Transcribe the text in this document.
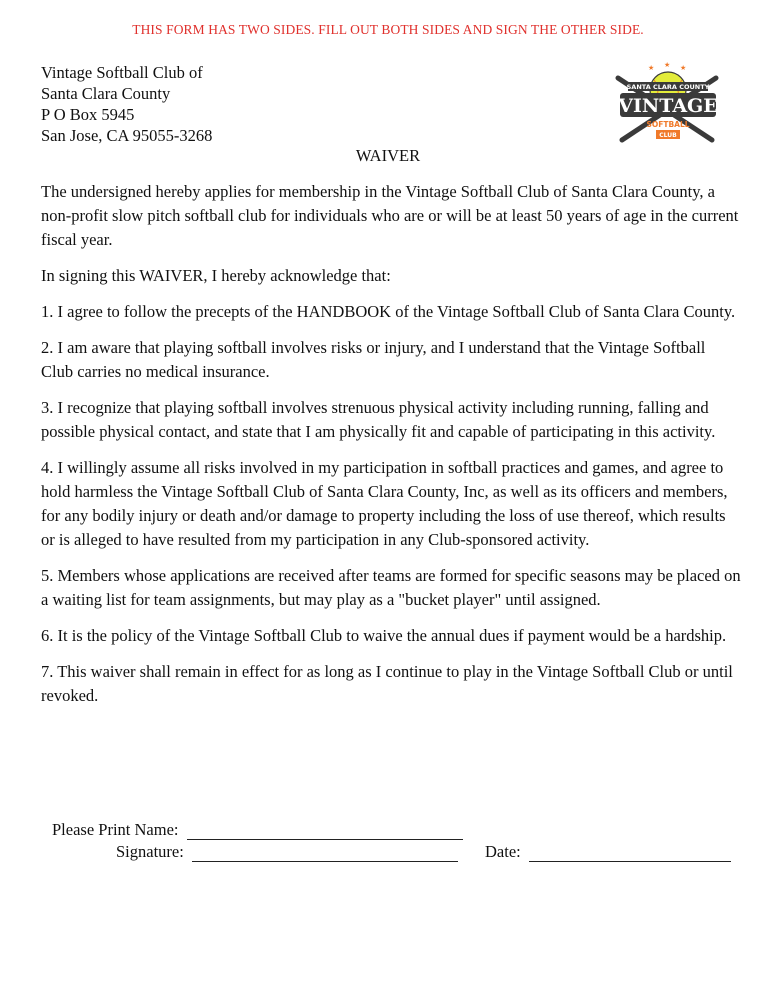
THIS FORM HAS TWO SIDES. FILL OUT BOTH SIDES AND SIGN THE OTHER SIDE.
Vintage Softball Club of
Santa Clara County
P O Box 5945
San Jose, CA 95055-3268
★ ★ ★
SANTA CLARA COUNTY
VINTAGE
SOFTBALL
CLUB
WAIVER

The undersigned hereby applies for membership in the Vintage Softball Club of Santa Clara County, a non-profit slow pitch softball club for individuals who are or will be at least 50 years of age in the current fiscal year.

In signing this WAIVER, I hereby acknowledge that:

1. I agree to follow the precepts of the HANDBOOK of the Vintage Softball Club of Santa Clara County.

2. I am aware that playing softball involves risks or injury, and I understand that the Vintage Softball Club carries no medical insurance.

3. I recognize that playing softball involves strenuous physical activity including running, falling and possible physical contact, and state that I am physically fit and capable of participating in this activity.

4. I willingly assume all risks involved in my participation in softball practices and games, and agree to hold harmless the Vintage Softball Club of Santa Clara County, Inc, as well as its officers and members, for any bodily injury or death and/or damage to property including the loss of use thereof, which results or is alleged to have resulted from my participation in any Club-sponsored activity.

5. Members whose applications are received after teams are formed for specific seasons may be placed on a waiting list for team assignments, but may play as a "bucket player" until assigned.

6. It is the policy of the Vintage Softball Club to waive the annual dues if payment would be a hardship.

7. This waiver shall remain in effect for as long as I continue to play in the Vintage Softball Club or until revoked.

Please Print Name:
Signature:	Date:
